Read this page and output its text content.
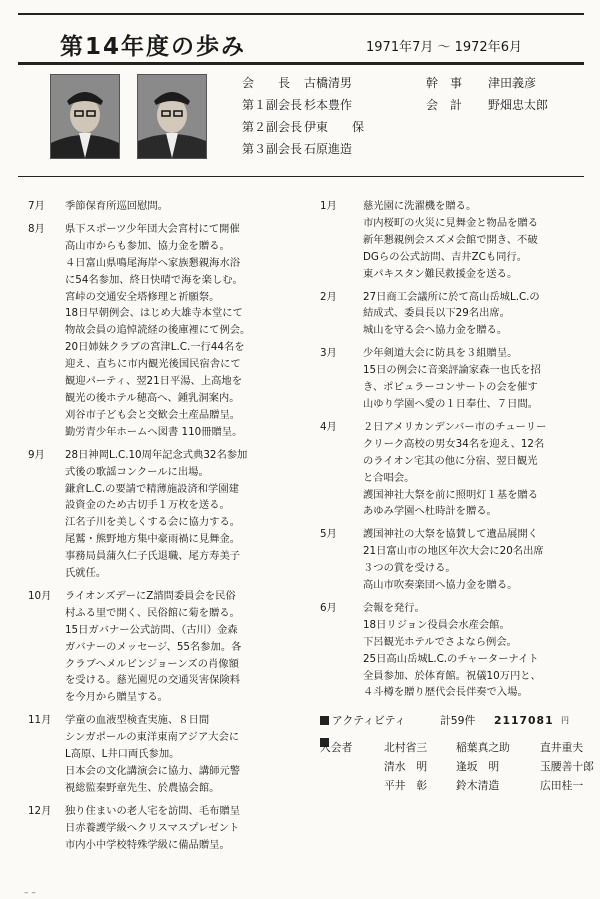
第14年度の歩み	1971年7月 ～ 1972年6月
会　　長 古橋清男	幹　事 津田義彦
第１副会長 杉本豊作	会　計 野畑忠太郎
第２副会長 伊東　　保
第３副会長 石原進造
7月 季節保育所巡回慰問。
8月 県下スポーツ少年団大会宮村にて開催
高山市からも参加、協力金を贈る。
４日富山県鳴尾海岸へ家族懇親海水浴
に54名参加、終日快晴で海を楽しむ。
宮峠の交通安全塔修理と祈願祭。
18日早朝例会、はじめ大雄寺本堂にて
物故会員の追悼読経の後庫裡にて例会。
20日姉妹クラブの宮津L.C.一行44名を
迎え、直ちに市内観光後国民宿舎にて
観迎パーティ、翌21日平湯、上高地を
観光の後ホテル穂高へ、鍾乳洞案内。
刈谷市子ども会と交歓会土産品贈呈。
勤労青少年ホームへ図書 110冊贈呈。
9月 28日神岡L.C.10周年記念式典32名参加
式後の歌謡コンクールに出場。
鎌倉L.C.の要請で精薄施設済和学園建
設資金のため古切手１万枚を送る。
江名子川を美しくする会に協力する。
尾鷲・熊野地方集中豪雨禍に見舞金。
事務局員蒲久仁子氏退職、尾方寿美子
氏就任。
10月 ライオンズデーにZ諮問委員会を民俗
村ふる里で開く、民俗館に菊を贈る。
15日ガバナー公式訪問、（古川）金森
ガバナーのメッセージ、55名参加。各
クラブへメルビンジョーンズの肖像額
を受ける。慈光園児の交通災害保険料
を今月から贈呈する。
11月 学童の血液型検査実施、８日間
シンガポールの東洋東南アジア大会に
L高原、L井口両氏参加。
日本会の文化講演会に協力、講師元警
視総監秦野章先生、於農協会館。
12月 独り住まいの老人宅を訪問、毛布贈呈
日赤養護学級へクリスマスプレゼント
市内小中学校特殊学級に備品贈呈。
1月	慈光園に洗濯機を贈る。
市内桜町の火災に見舞金と物品を贈る
新年懇親例会スズメ会館で開き、不破
DGらの公式訪問、吉井ZCも同行。
東パキスタン難民救援金を送る。
2月	27日商工会議所に於て高山岳城L.C.の
結成式、委員長以下29名出席。
城山を守る会へ協力金を贈る。
3月	少年剣道大会に防具を３組贈呈。
15日の例会に音楽評論家森一也氏を招
き、ポピュラーコンサートの会を催す
山ゆり学園へ愛の１日奉仕、７日間。
4月	２日アメリカンデンバー市のチューリー
クリーク高校の男女34名を迎え、12名
のライオン宅其の他に分宿、翌日観光
と合唱会。
護国神社大祭を前に照明灯１基を贈る
あゆみ学園へ杜時計を贈る。
5月	護国神社の大祭を協賛して遺品展開く
21日富山市の地区年次大会に20名出席
３つの賞を受ける。
高山市吹奏楽団へ協力金を贈る。
6月	会報を発行。
18日リジョン役員会水産会館。
下呂観光ホテルでさよなら例会。
25日高山岳城L.C.のチャーターナイト
全員参加、於体育館。祝儀10万円と、
４斗樽を贈り歴代会長伴奏で入場。
アクティビティ	計59件 2117081 円
入会者	北村省三	稲葉真之助	直井重夫
清水　明	逢坂　明	玉腰善十郎
平井　彰	鈴木清造	広田桂一
– –
